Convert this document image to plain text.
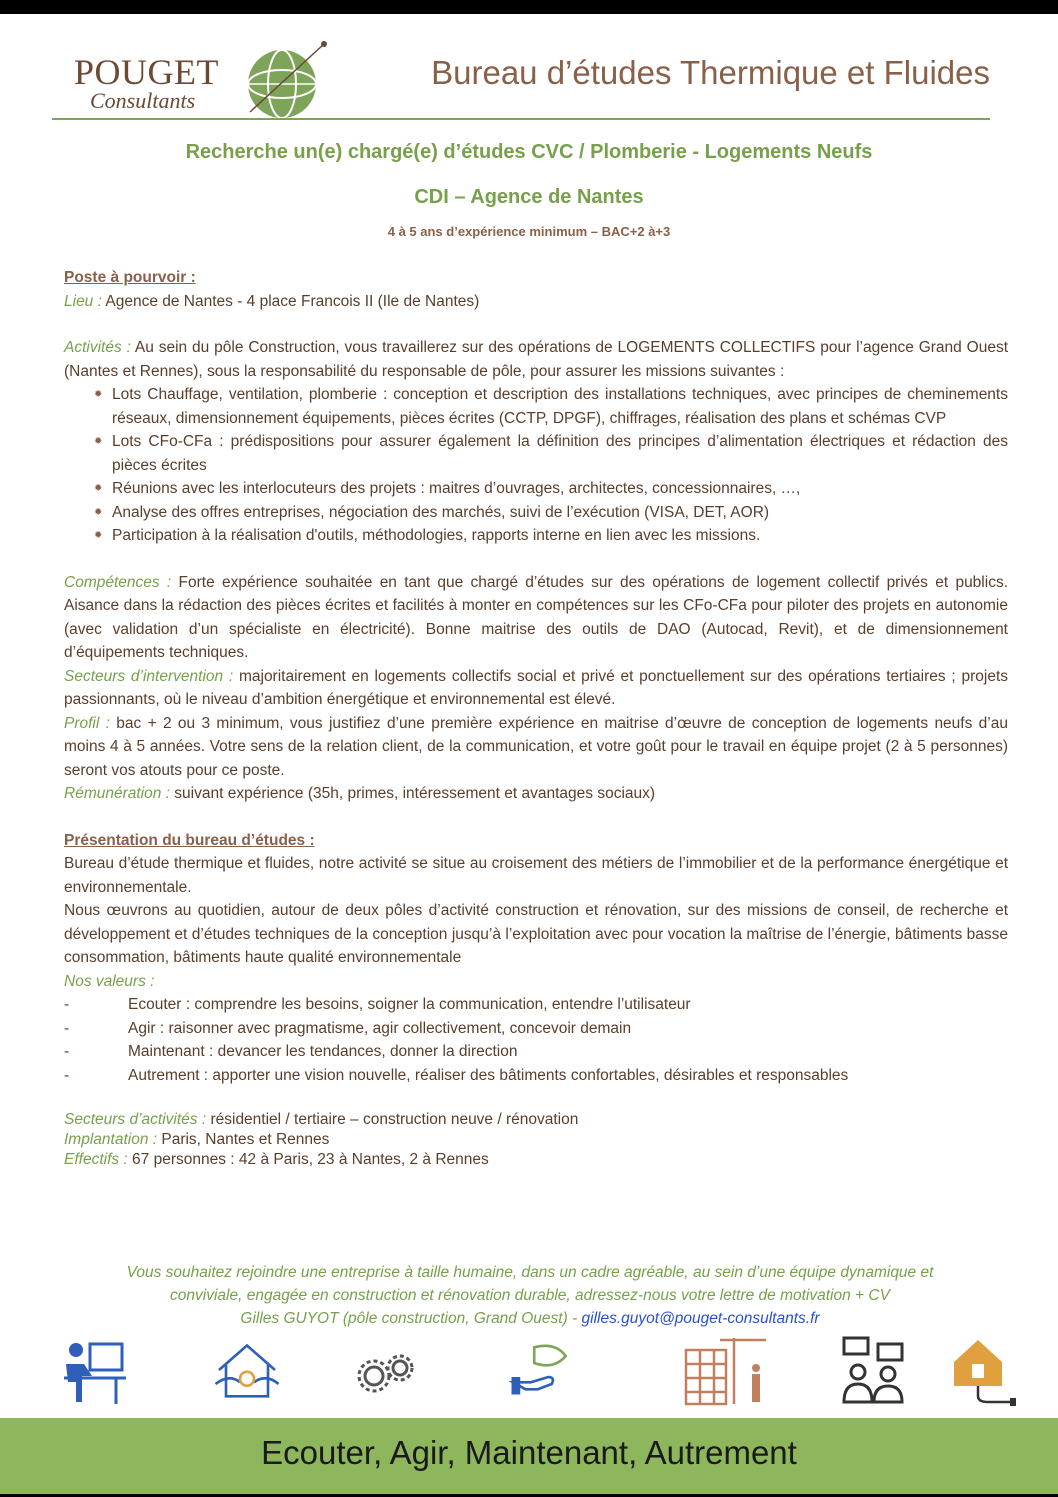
POUGET
Consultants
Bureau d’études Thermique et Fluides
Recherche un(e) chargé(e) d’études CVC / Plomberie - Logements Neufs
CDI – Agence de Nantes
4 à 5 ans d’expérience minimum – BAC+2 à+3

Poste à pourvoir :

Lieu : Agence de Nantes - 4 place Francois II (Ile de Nantes)

Activités : Au sein du pôle Construction, vous travaillerez sur des opérations de LOGEMENTS COLLECTIFS pour l’agence Grand Ouest (Nantes et Rennes), sous la responsabilité du responsable de pôle, pour assurer les missions suivantes :

✹ Lots Chauffage, ventilation, plomberie : conception et description des installations techniques, avec principes de cheminements réseaux, dimensionnement équipements, pièces écrites (CCTP, DPGF), chiffrages, réalisation des plans et schémas CVP
✹ Lots CFo-CFa : prédispositions pour assurer également la définition des principes d’alimentation électriques et rédaction des pièces écrites
✹ Réunions avec les interlocuteurs des projets : maitres d’ouvrages, architectes, concessionnaires, …,
✹ Analyse des offres entreprises, négociation des marchés, suivi de l’exécution (VISA, DET, AOR)
✹ Participation à la réalisation d'outils, méthodologies, rapports interne en lien avec les missions.

Compétences : Forte expérience souhaitée en tant que chargé d’études sur des opérations de logement collectif privés et publics. Aisance dans la rédaction des pièces écrites et facilités à monter en compétences sur les CFo-CFa pour piloter des projets en autonomie (avec validation d’un spécialiste en électricité). Bonne maitrise des outils de DAO (Autocad, Revit), et de dimensionnement d’équipements techniques.

Secteurs d’intervention : majoritairement en logements collectifs social et privé et ponctuellement sur des opérations tertiaires ; projets passionnants, où le niveau d’ambition énergétique et environnemental est élevé.

Profil : bac + 2 ou 3 minimum, vous justifiez d’une première expérience en maitrise d’œuvre de conception de logements neufs d’au moins 4 à 5 années. Votre sens de la relation client, de la communication, et votre goût pour le travail en équipe projet (2 à 5 personnes) seront vos atouts pour ce poste.

Rémunération : suivant expérience (35h, primes, intéressement et avantages sociaux)

Présentation du bureau d’études :

Bureau d’étude thermique et fluides, notre activité se situe au croisement des métiers de l’immobilier et de la performance énergétique et environnementale.

Nous œuvrons au quotidien, autour de deux pôles d’activité construction et rénovation, sur des missions de conseil, de recherche et développement et d’études techniques de la conception jusqu’à l’exploitation avec pour vocation la maîtrise de l’énergie, bâtiments basse consommation, bâtiments haute qualité environnementale

Nos valeurs :

- Ecouter : comprendre les besoins, soigner la communication, entendre l’utilisateur
- Agir : raisonner avec pragmatisme, agir collectivement, concevoir demain
- Maintenant : devancer les tendances, donner la direction
- Autrement : apporter une vision nouvelle, réaliser des bâtiments confortables, désirables et responsables

Secteurs d’activités : résidentiel / tertiaire – construction neuve / rénovation

Implantation : Paris, Nantes et Rennes

Effectifs : 67 personnes : 42 à Paris, 23 à Nantes, 2 à Rennes

Vous souhaitez rejoindre une entreprise à taille humaine, dans un cadre agréable, au sein d’une équipe dynamique et
conviviale, engagée en construction et rénovation durable, adressez-nous votre lettre de motivation + CV
Gilles GUYOT (pôle construction, Grand Ouest) - gilles.guyot@pouget-consultants.fr
Ecouter, Agir, Maintenant, Autrement
